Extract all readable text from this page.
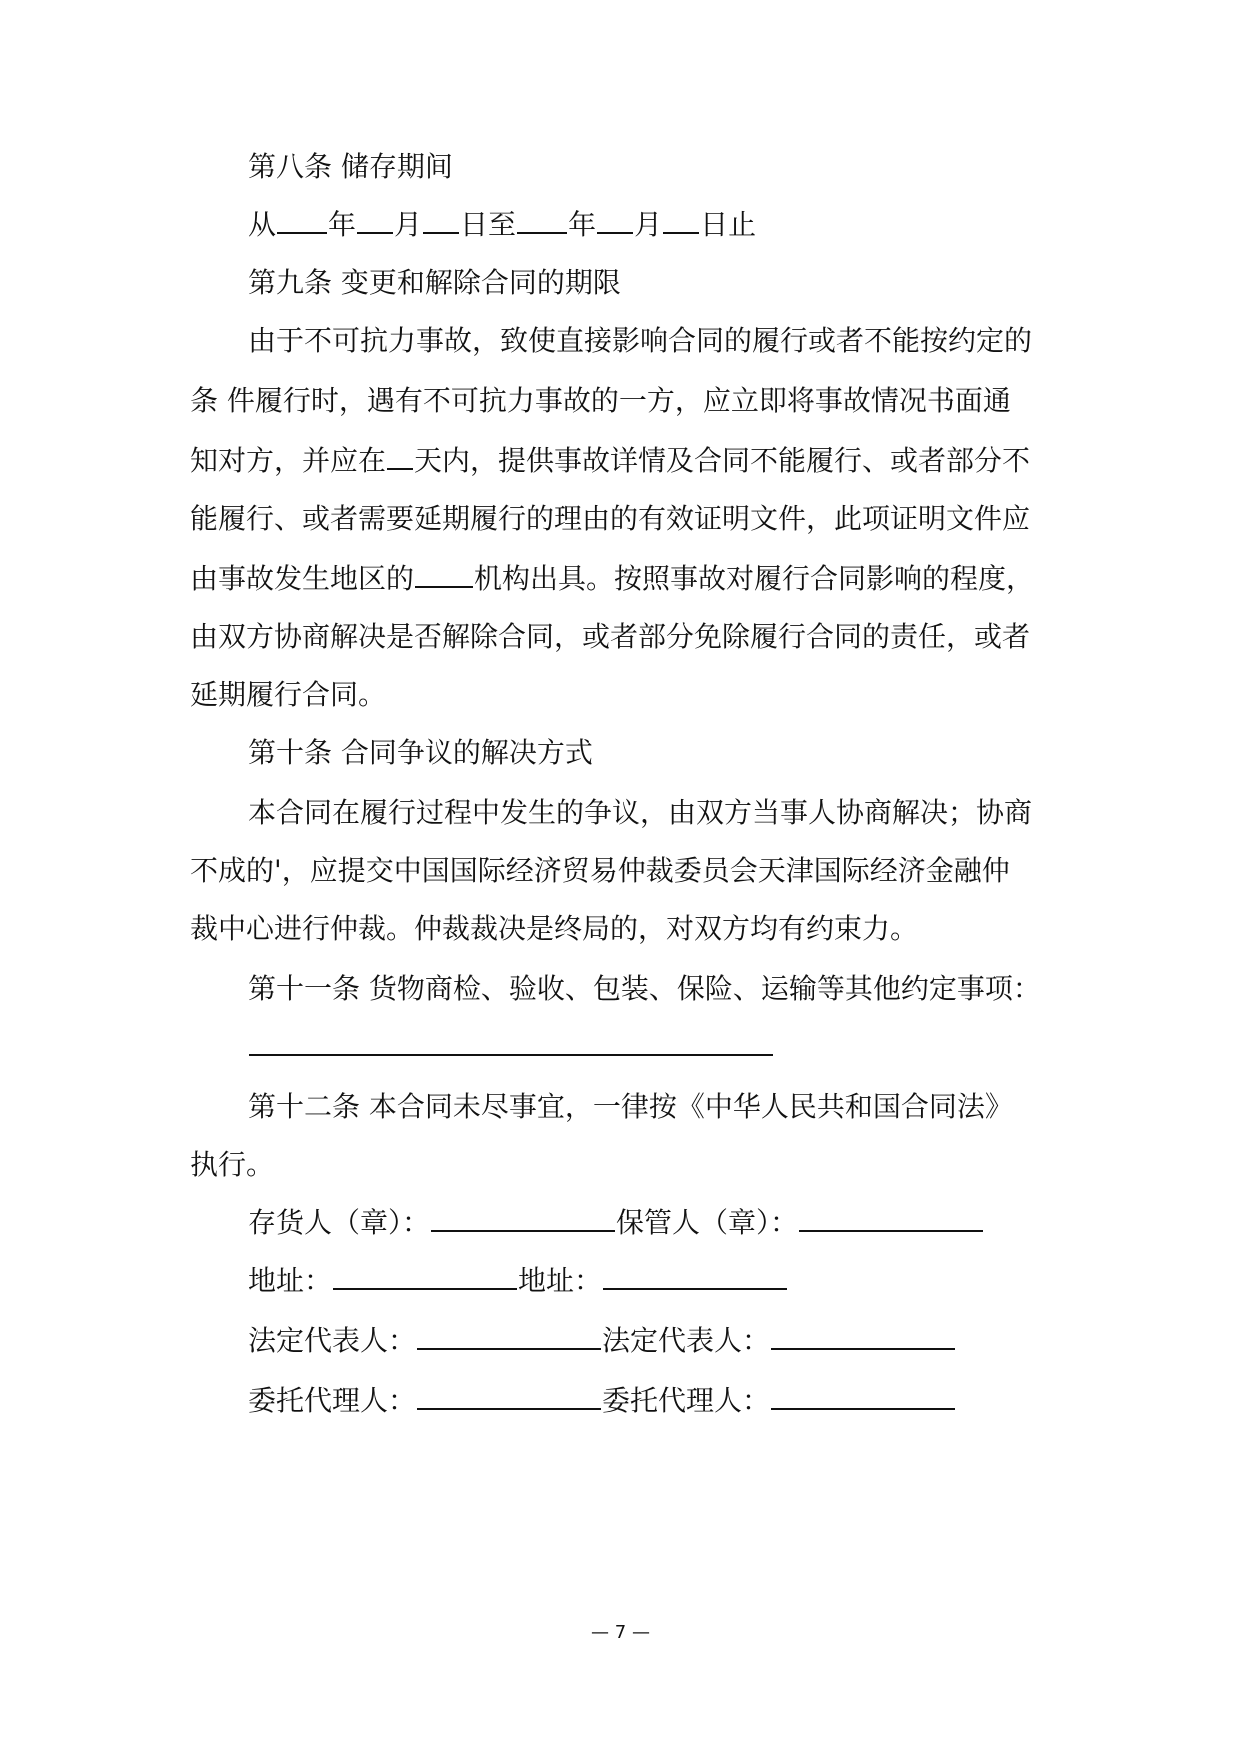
第八条 储存期间
从 年 月 日至 年 月 日止
第九条 变更和解除合同的期限
由于不可抗力事故，致使直接影响合同的履行或者不能按约定的
条 件履行时，遇有不可抗力事故的一方，应立即将事故情况书面通
知对方，并应在 天内，提供事故详情及合同不能履行、或者部分不
能履行、或者需要延期履行的理由的有效证明文件，此项证明文件应
由事故发生地区的 机构出具。按照事故对履行合同影响的程度，
由双方协商解决是否解除合同，或者部分免除履行合同的责任，或者
延期履行合同。
第十条 合同争议的解决方式
本合同在履行过程中发生的争议，由双方当事人协商解决；协商
不成的'，应提交中国国际经济贸易仲裁委员会天津国际经济金融仲
裁中心进行仲裁。仲裁裁决是终局的，对双方均有约束力。
第十一条 货物商检、验收、包装、保险、运输等其他约定事项：
第十二条 本合同未尽事宜，一律按《中华人民共和国合同法》
执行。
存货人（章）：	保管人（章）：
地址：	地址：
法定代表人：	法定代表人：
委托代理人：	委托代理人：
— 7 —
